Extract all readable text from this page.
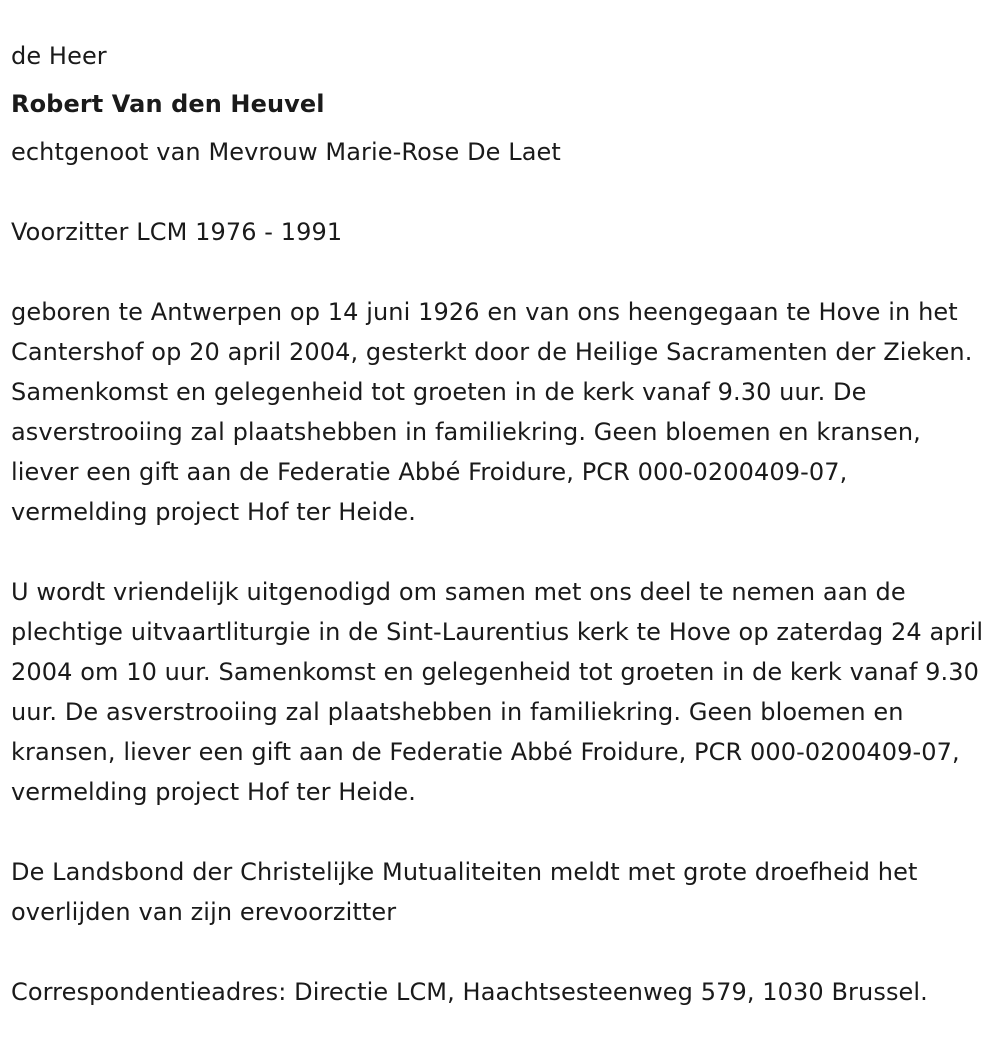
de Heer

Robert Van den Heuvel

echtgenoot van Mevrouw Marie-Rose De Laet

Voorzitter LCM 1976 - 1991

geboren te Antwerpen op 14 juni 1926 en van ons heengegaan te Hove in het Cantershof op 20 april 2004, gesterkt door de Heilige Sacramenten der Zieken. Samenkomst en gelegenheid tot groeten in de kerk vanaf 9.30 uur. De asverstrooiing zal plaatshebben in familiekring. Geen bloemen en kransen, liever een gift aan de Federatie Abbé Froidure, PCR 000-0200409-07, vermelding project Hof ter Heide.

U wordt vriendelijk uitgenodigd om samen met ons deel te nemen aan de plechtige uitvaartliturgie in de Sint-Laurentius kerk te Hove op zaterdag 24 april 2004 om 10 uur. Samenkomst en gelegenheid tot groeten in de kerk vanaf 9.30 uur. De asverstrooiing zal plaatshebben in familiekring. Geen bloemen en kransen, liever een gift aan de Federatie Abbé Froidure, PCR 000-0200409-07, vermelding project Hof ter Heide.

De Landsbond der Christelijke Mutualiteiten meldt met grote droefheid het overlijden van zijn erevoorzitter

Correspondentieadres: Directie LCM, Haachtsesteenweg 579, 1030 Brussel.
